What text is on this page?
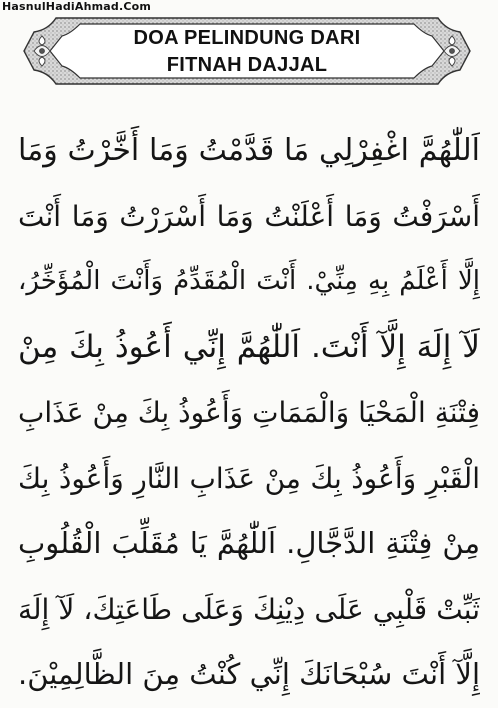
HasnulHadiAhmad.Com
DOA PELINDUNG DARI
FITNAH DAJJAL
اَللّٰهُمَّ اغْفِرْلِي مَا قَدَّمْتُ وَمَا أَخَّرْتُ وَمَا
أَسْرَفْتُ وَمَا أَعْلَنْتُ وَمَا أَسْرَرْتُ وَمَا أَنْتَ
إِلَّا أَعْلَمُ بِهِ مِنِّيْ. أَنْتَ الْمُقَدِّمُ وَأَنْتَ الْمُؤَخِّرُ،
لَآ إِلَهَ إِلَّآ أَنْتَ. اَللّٰهُمَّ إِنِّي أَعُوذُ بِكَ مِنْ
فِتْنَةِ الْمَحْيَا وَالْمَمَاتِ وَأَعُوذُ بِكَ مِنْ عَذَابِ
الْقَبْرِ وَأَعُوذُ بِكَ مِنْ عَذَابِ النَّارِ وَأَعُوذُ بِكَ
مِنْ فِتْنَةِ الدَّجَّالِ. اَللّٰهُمَّ يَا مُقَلِّبَ الْقُلُوبِ
ثَبِّتْ قَلْبِي عَلَى دِيْنِكَ وَعَلَى طَاعَتِكَ، لَآ إِلَهَ
إِلَّآ أَنْتَ سُبْحَانَكَ إِنِّي كُنْتُ مِنَ الظَّالِمِيْنَ.
